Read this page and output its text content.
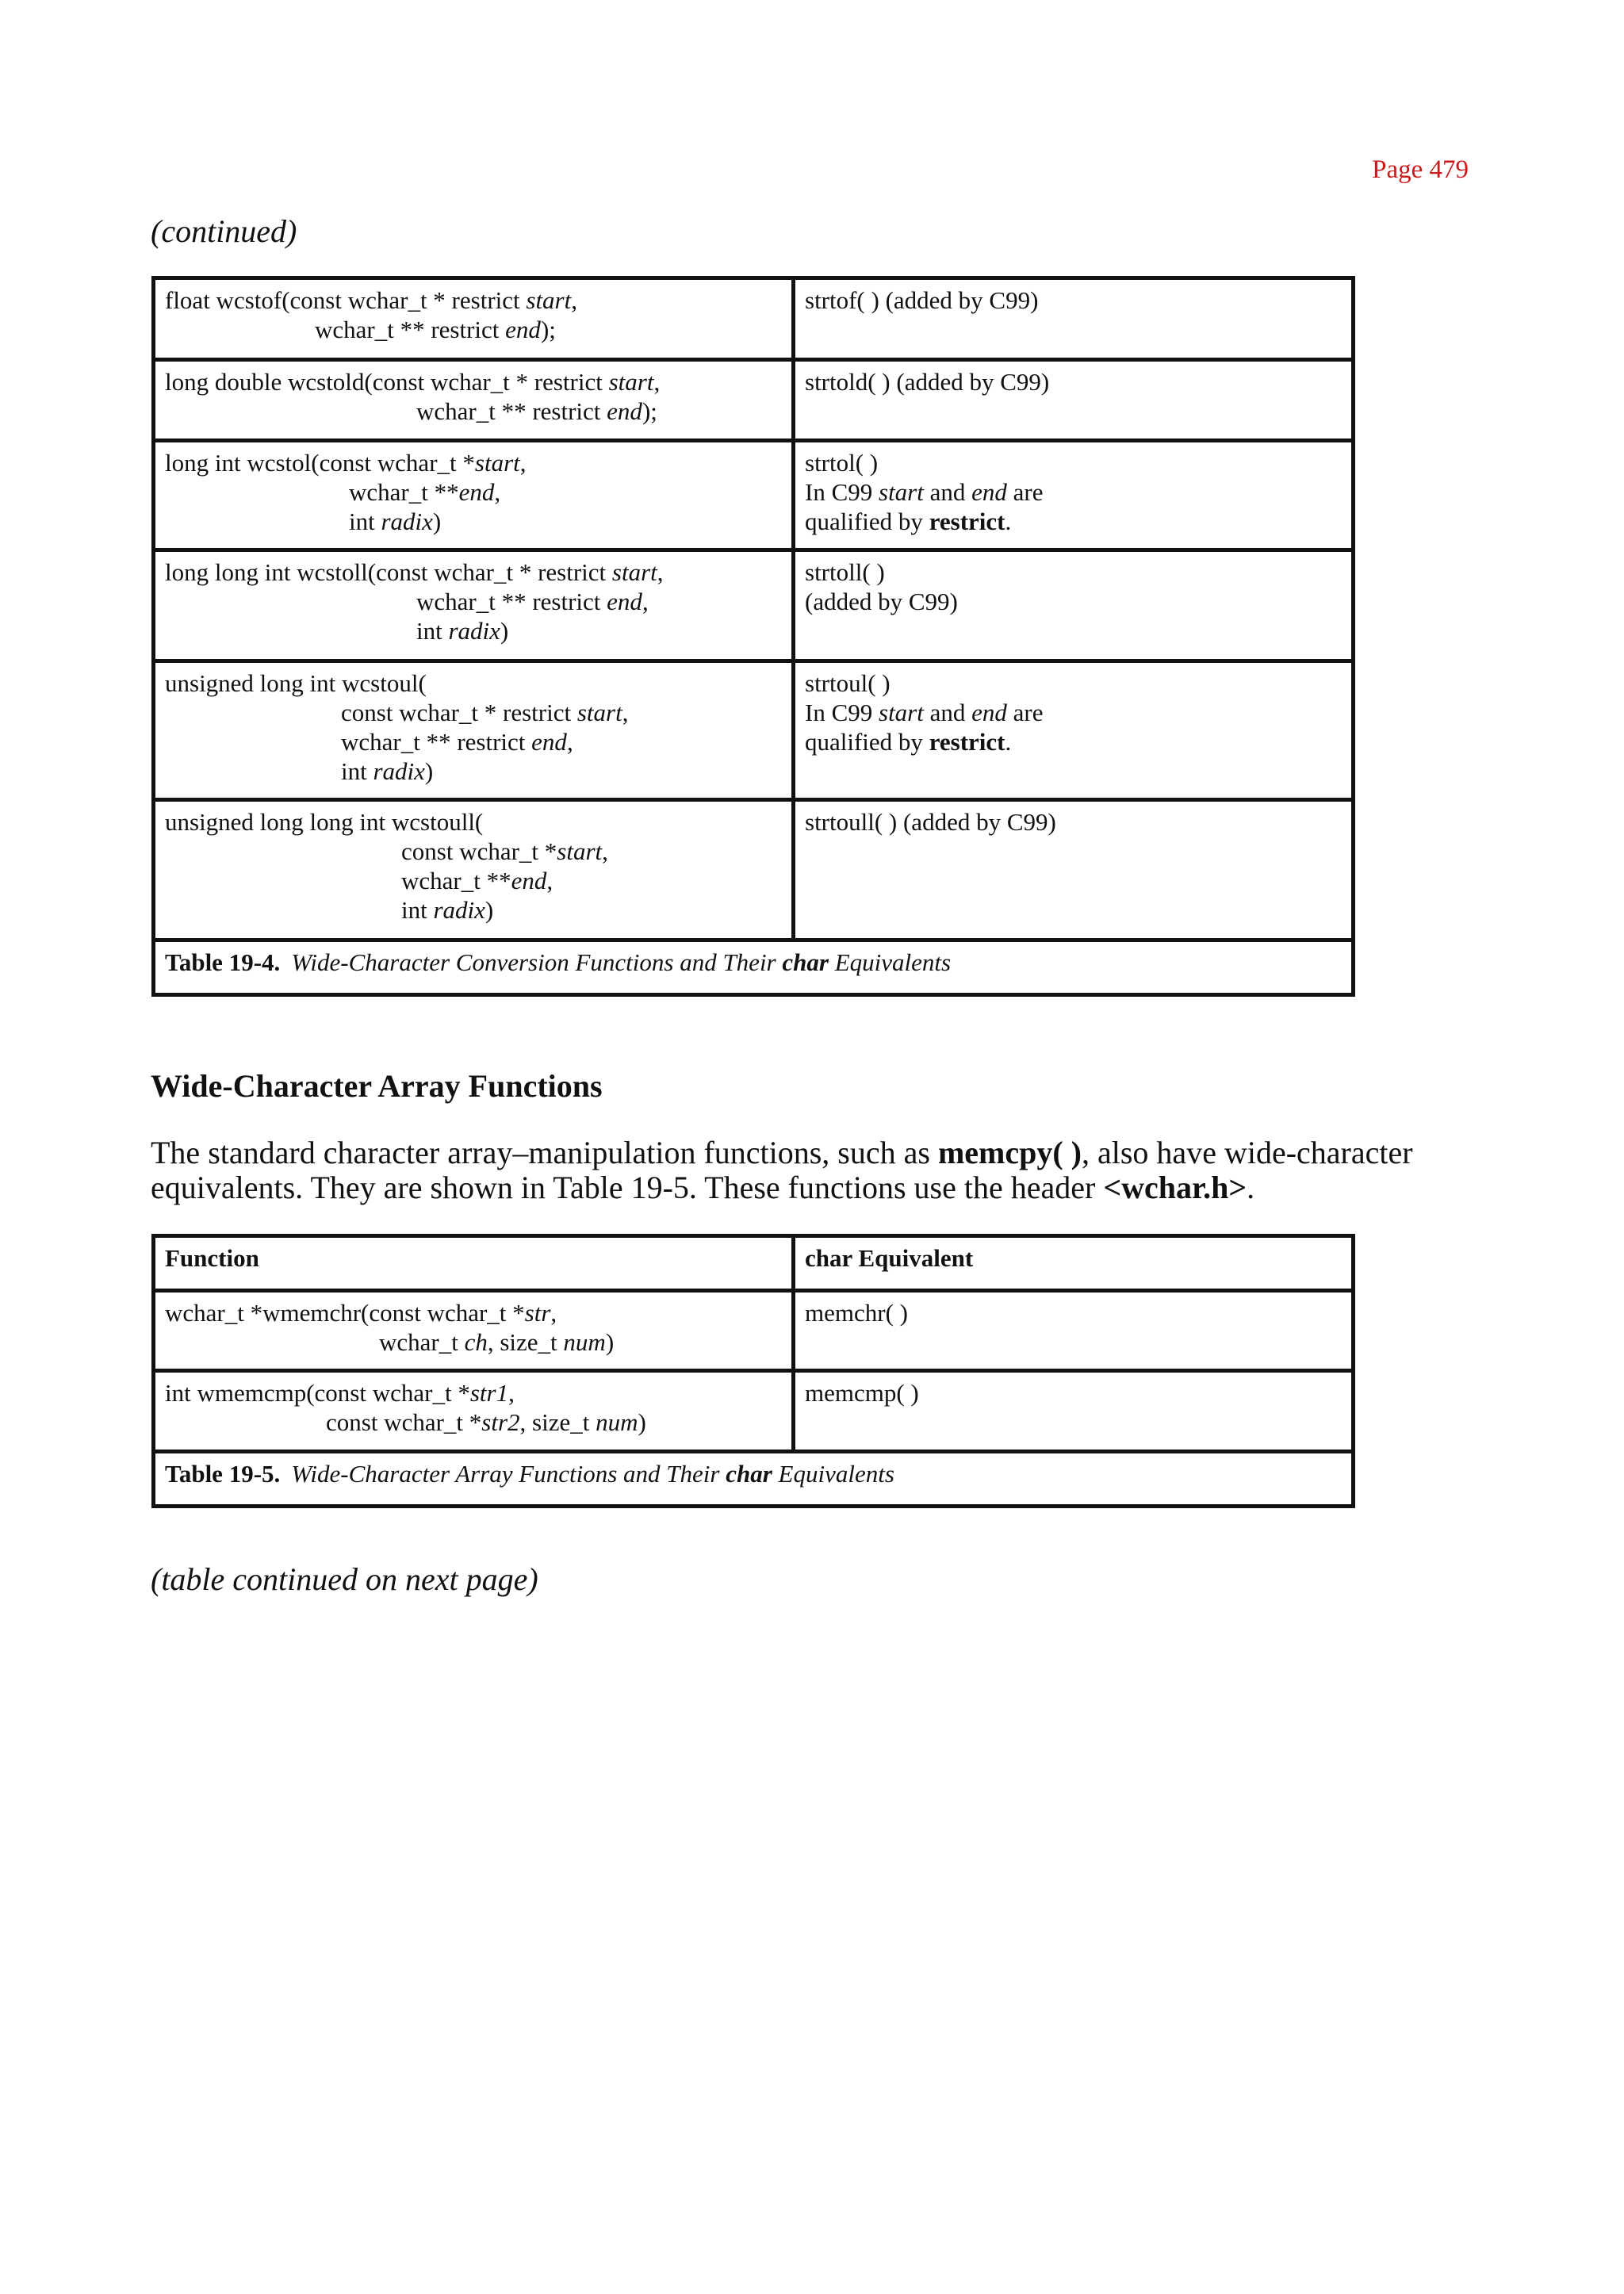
Page 479
(continued)
float wcstof(const wchar_t * restrict start,
wchar_t ** restrict end);	strtof( ) (added by C99)

long double wcstold(const wchar_t * restrict start,
wchar_t ** restrict end);	strtold( ) (added by C99)

long int wcstol(const wchar_t *start,
wchar_t **end,
int radix)	strtol( )
In C99 start and end are
qualified by restrict.

long long int wcstoll(const wchar_t * restrict start,
wchar_t ** restrict end,
int radix)	strtoll( )
(added by C99)

unsigned long int wcstoul(
const wchar_t * restrict start,
wchar_t ** restrict end,
int radix)	strtoul( )
In C99 start and end are
qualified by restrict.

unsigned long long int wcstoull(
const wchar_t *start,
wchar_t **end,
int radix)	strtoull( ) (added by C99)
Table 19-4. Wide-Character Conversion Functions and Their char Equivalents	
Wide-Character Array Functions
The standard character array–manipulation functions, such as memcpy( ), also have wide-character equivalents. They are shown in Table 19-5. These functions use the header <wchar.h>.
Function	char Equivalent

wchar_t *wmemchr(const wchar_t *str,
wchar_t ch, size_t num)	memchr( )

int wmemcmp(const wchar_t *str1,
const wchar_t *str2, size_t num)	memcmp( )
Table 19-5. Wide-Character Array Functions and Their char Equivalents	
(table continued on next page)
